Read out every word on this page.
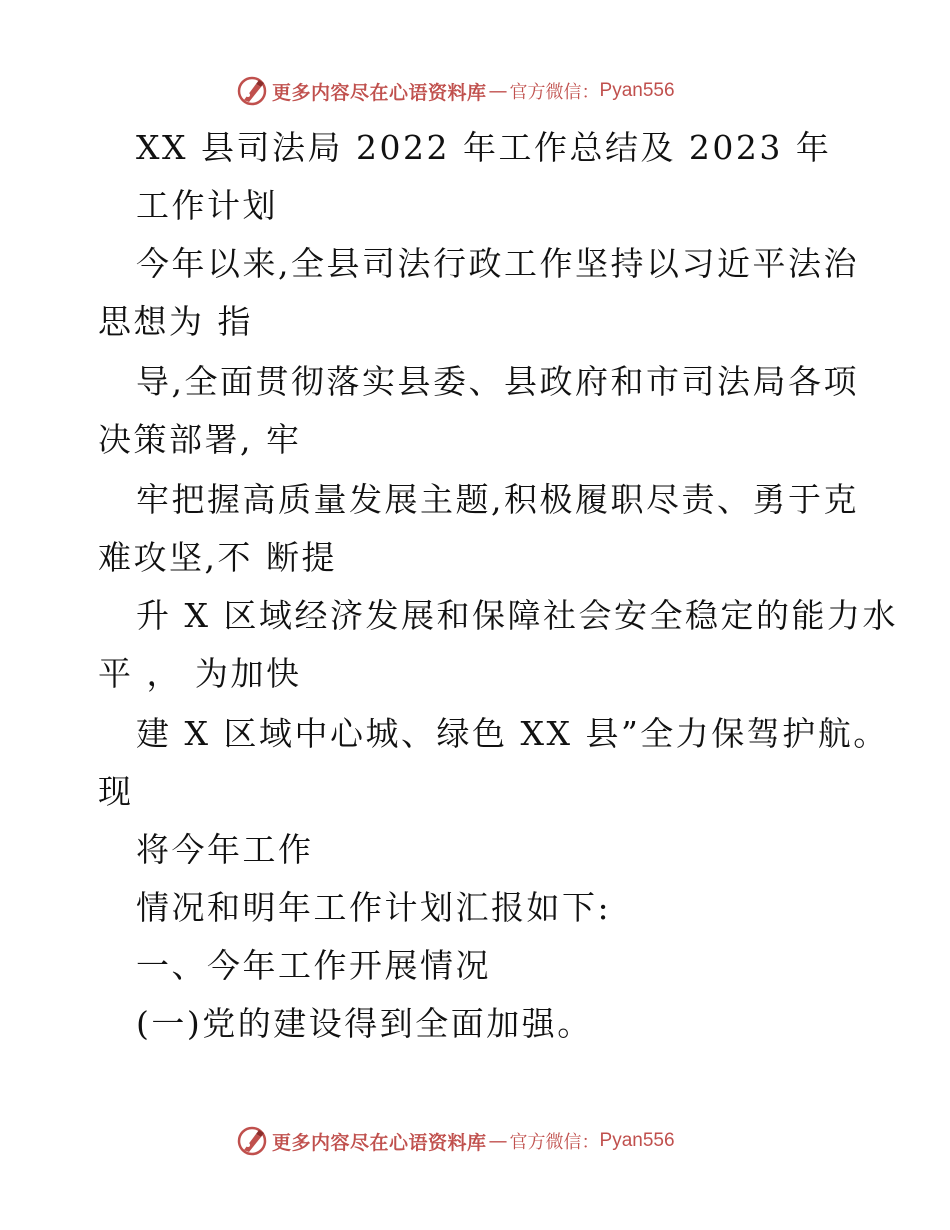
更多内容尽在心语资料库 — 官方微信： Pyan556
XX 县司法局 2022 年工作总结及 2023 年
工作计划
今年以来,全县司法行政工作坚持以习近平法治
思想为 指
导,全面贯彻落实县委、县政府和市司法局各项
决策部署, 牢
牢把握高质量发展主题,积极履职尽责、勇于克
难攻坚,不 断提
升 X 区域经济发展和保障社会安全稳定的能力水
平 ， 为加快
建 X 区域中心城、绿色 XX 县”全力保驾护航。
现
将今年工作
情况和明年工作计划汇报如下:
一、今年工作开展情况
(一)党的建设得到全面加强。
更多内容尽在心语资料库 — 官方微信： Pyan556
